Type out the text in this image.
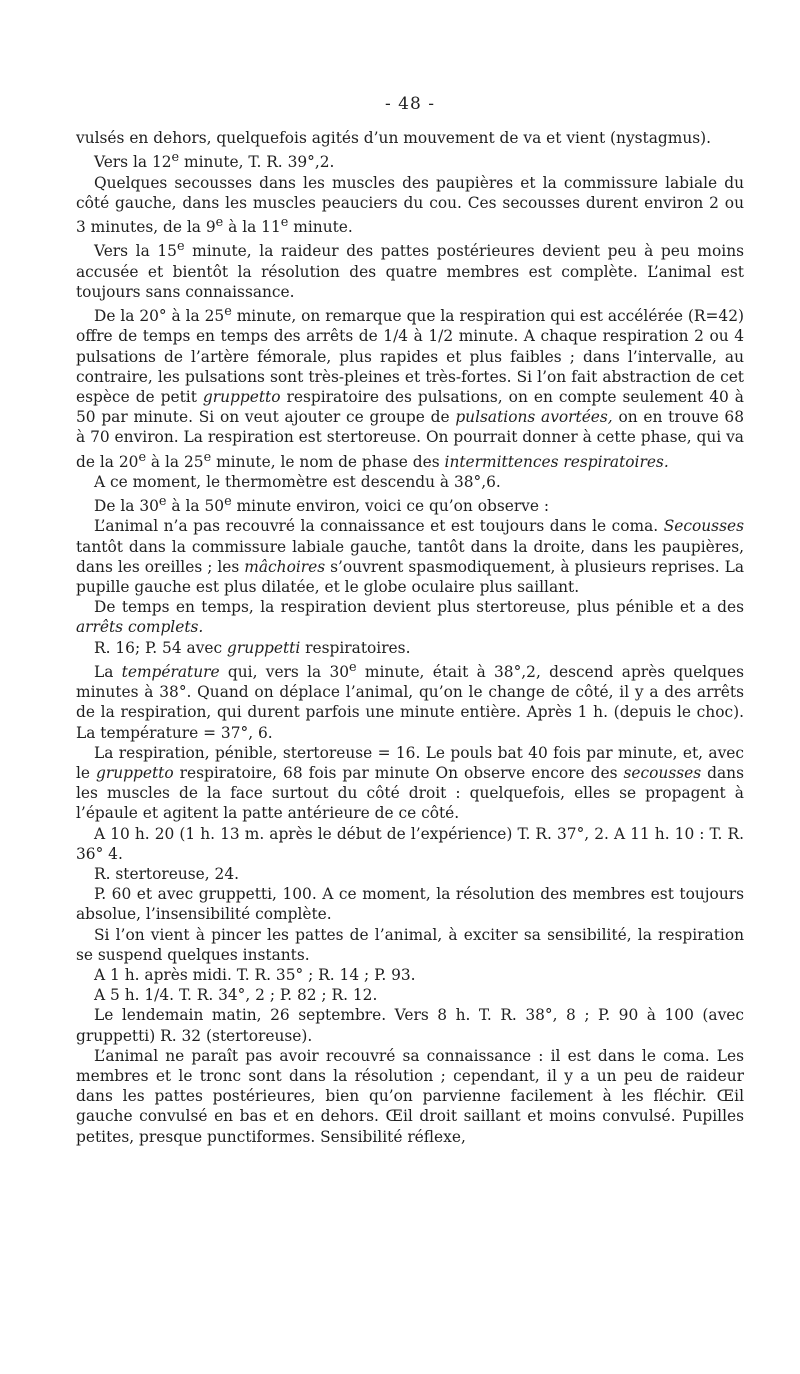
- 48 -

vulsés en dehors, quelquefois agités d’un mouvement de va et vient (nystagmus).

Vers la 12e minute, T. R. 39°,2.

Quelques secousses dans les muscles des paupières et la commissure labiale du côté gauche, dans les muscles peauciers du cou. Ces secousses durent environ 2 ou 3 minutes, de la 9e à la 11e minute.

Vers la 15e minute, la raideur des pattes postérieures devient peu à peu moins accusée et bientôt la résolution des quatre membres est complète. L’animal est toujours sans connaissance.

De la 20° à la 25e minute, on remarque que la respiration qui est accélérée (R=42) offre de temps en temps des arrêts de 1/4 à 1/2 minute. A chaque respiration 2 ou 4 pulsations de l’artère fémorale, plus rapides et plus faibles ; dans l’intervalle, au contraire, les pulsations sont très-pleines et très-fortes. Si l’on fait abstraction de cet espèce de petit gruppetto respiratoire des pulsations, on en compte seulement 40 à 50 par minute. Si on veut ajouter ce groupe de pulsations avortées, on en trouve 68 à 70 environ. La respiration est stertoreuse. On pourrait donner à cette phase, qui va de la 20e à la 25e minute, le nom de phase des intermittences respiratoires.

A ce moment, le thermomètre est descendu à 38°,6.

De la 30e à la 50e minute environ, voici ce qu’on observe :

L’animal n’a pas recouvré la connaissance et est toujours dans le coma. Secousses tantôt dans la commissure labiale gauche, tantôt dans la droite, dans les paupières, dans les oreilles ; les mâchoires s’ouvrent spasmodiquement, à plusieurs reprises. La pupille gauche est plus dilatée, et le globe oculaire plus saillant.

De temps en temps, la respiration devient plus stertoreuse, plus pénible et a des arrêts complets.

R. 16; P. 54 avec gruppetti respiratoires.

La température qui, vers la 30e minute, était à 38°,2, descend après quelques minutes à 38°. Quand on déplace l’animal, qu’on le change de côté, il y a des arrêts de la respiration, qui durent parfois une minute entière. Après 1 h. (depuis le choc). La température = 37°, 6.

La respiration, pénible, stertoreuse = 16. Le pouls bat 40 fois par minute, et, avec le gruppetto respiratoire, 68 fois par minute On observe encore des secousses dans les muscles de la face surtout du côté droit : quelquefois, elles se propagent à l’épaule et agitent la patte antérieure de ce côté.

A 10 h. 20 (1 h. 13 m. après le début de l’expérience) T. R. 37°, 2. A 11 h. 10 : T. R. 36° 4.

R. stertoreuse, 24.

P. 60 et avec gruppetti, 100. A ce moment, la résolution des membres est toujours absolue, l’insensibilité complète.

Si l’on vient à pincer les pattes de l’animal, à exciter sa sensibilité, la respiration se suspend quelques instants.

A 1 h. après midi. T. R. 35° ; R. 14 ; P. 93.

A 5 h. 1/4. T. R. 34°, 2 ; P. 82 ; R. 12.

Le lendemain matin, 26 septembre. Vers 8 h. T. R. 38°, 8 ; P. 90 à 100 (avec gruppetti) R. 32 (stertoreuse).

L’animal ne paraît pas avoir recouvré sa connaissance : il est dans le coma. Les membres et le tronc sont dans la résolution ; cependant, il y a un peu de raideur dans les pattes postérieures, bien qu’on parvienne facilement à les fléchir. Œil gauche convulsé en bas et en dehors. Œil droit saillant et moins convulsé. Pupilles petites, presque punctiformes. Sensibilité réflexe,
